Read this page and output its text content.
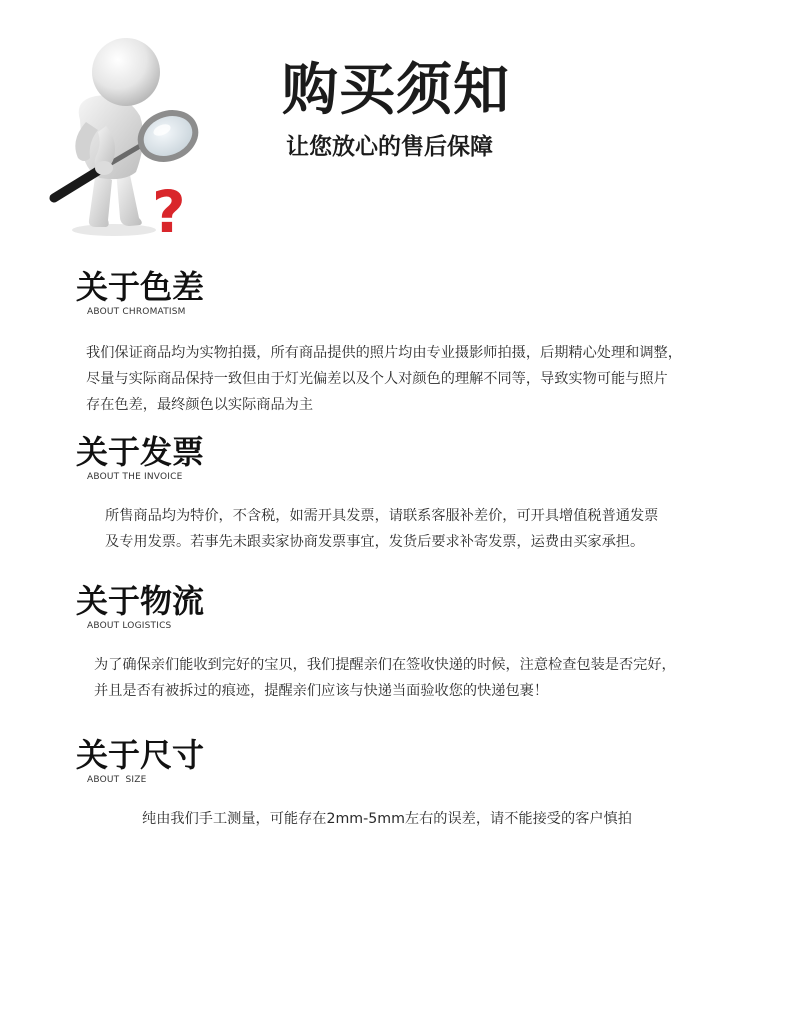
?
购买须知
让您放心的售后保障
关于色差
ABOUT CHROMATISM

我们保证商品均为实物拍摄，所有商品提供的照片均由专业摄影师拍摄，后期精心处理和调整，

尽量与实际商品保持一致但由于灯光偏差以及个人对颜色的理解不同等，导致实物可能与照片

存在色差，最终颜色以实际商品为主

关于发票
ABOUT THE INVOICE

所售商品均为特价，不含税，如需开具发票，请联系客服补差价，可开具增值税普通发票

及专用发票。若事先未跟卖家协商发票事宜，发货后要求补寄发票，运费由买家承担。

关于物流
ABOUT LOGISTICS

为了确保亲们能收到完好的宝贝，我们提醒亲们在签收快递的时候，注意检查包装是否完好，

并且是否有被拆过的痕迹，提醒亲们应该与快递当面验收您的快递包裹！

关于尺寸
ABOUT  SIZE

纯由我们手工测量，可能存在2mm-5mm左右的误差，请不能接受的客户慎拍
